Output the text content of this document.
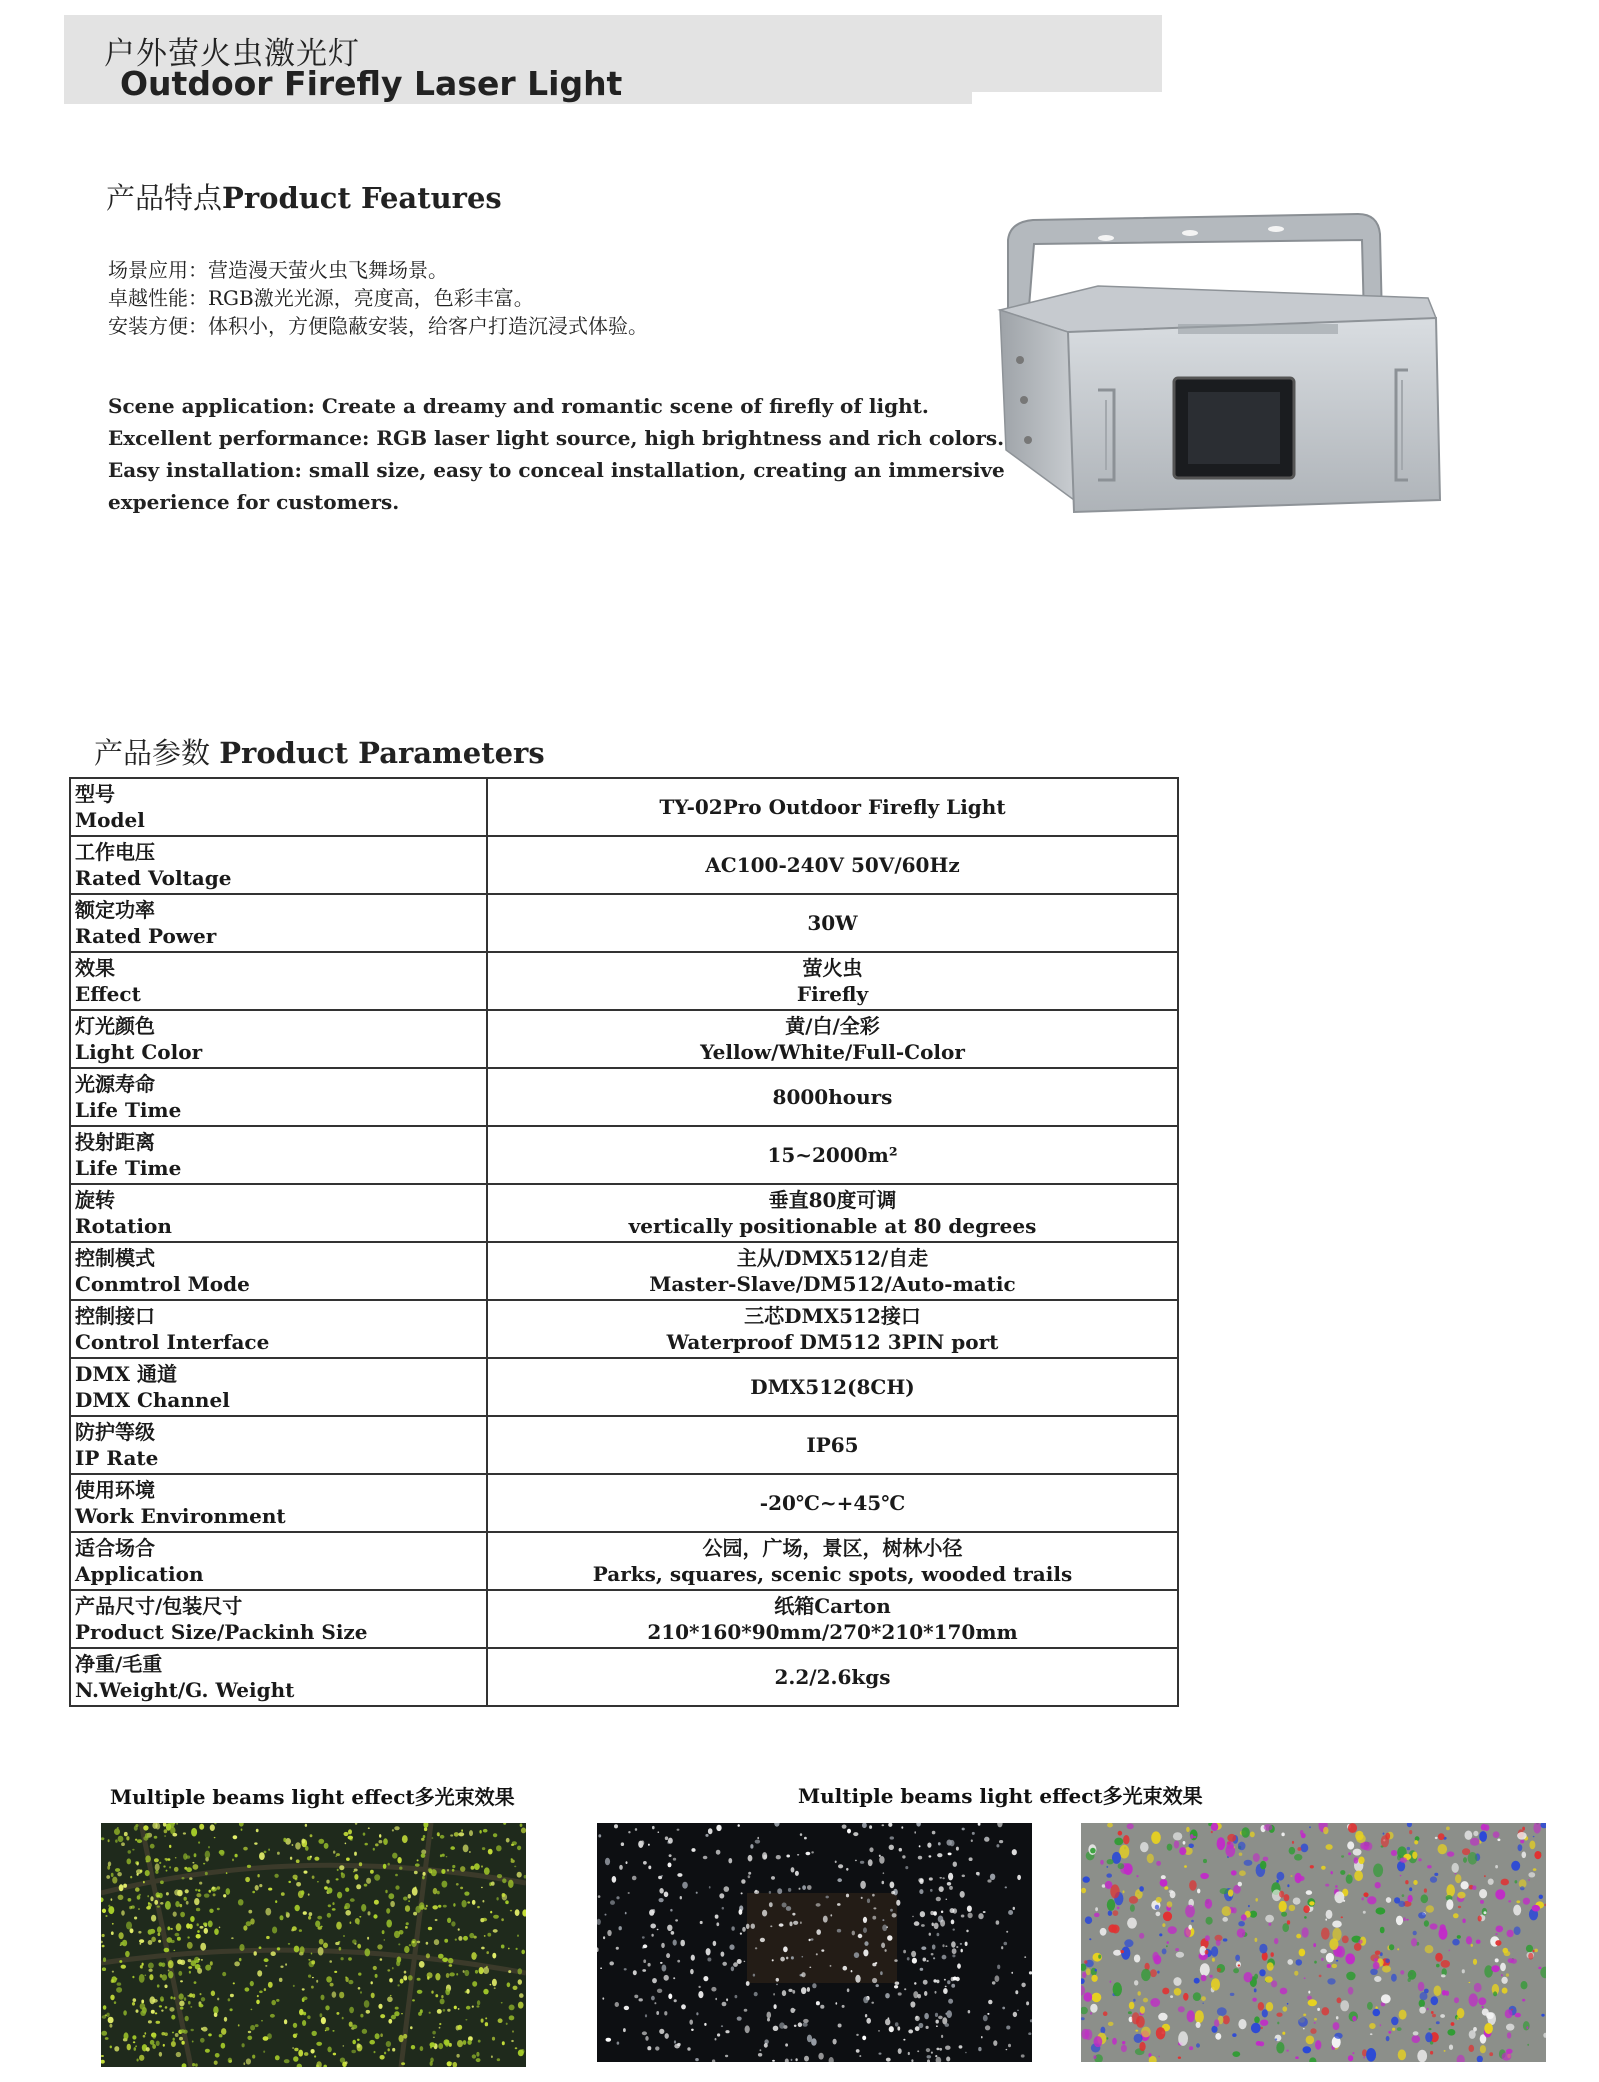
户外萤火虫激光灯
Outdoor Firefly Laser Light
产品特点Product Features
场景应用：营造漫天萤火虫飞舞场景。
卓越性能：RGB激光光源，亮度高，色彩丰富。
安装方便：体积小，方便隐蔽安装，给客户打造沉浸式体验。
Scene application: Create a dreamy and romantic scene of firefly of light.
Excellent performance: RGB laser light source, high brightness and rich colors.
Easy installation: small size, easy to conceal installation, creating an immersive
experience for customers.
产品参数 Product Parameters
型号
Model	TY-02Pro Outdoor Firefly Light

工作电压
Rated Voltage	AC100-240V 50V/60Hz

额定功率
Rated Power	30W

效果
Effect	萤火虫
Firefly

灯光颜色
Light Color	黄/白/全彩
Yellow/White/Full-Color

光源寿命
Life Time	8000hours

投射距离
Life Time	15~2000m²

旋转
Rotation	垂直80度可调
vertically positionable at 80 degrees

控制模式
Conmtrol Mode	主从/DMX512/自走
Master-Slave/DM512/Auto-matic

控制接口
Control Interface	三芯DMX512接口
Waterproof DM512 3PIN port

DMX 通道
DMX Channel	DMX512(8CH)

防护等级
IP Rate	IP65

使用环境
Work Environment	-20℃~+45℃

适合场合
Application	公园，广场，景区，树林小径
Parks, squares, scenic spots, wooded trails

产品尺寸/包装尺寸
Product Size/Packinh Size	纸箱Carton
210*160*90mm/270*210*170mm

净重/毛重
N.Weight/G. Weight	2.2/2.6kgs
Multiple beams light effect多光束效果	Multiple beams light effect多光束效果
